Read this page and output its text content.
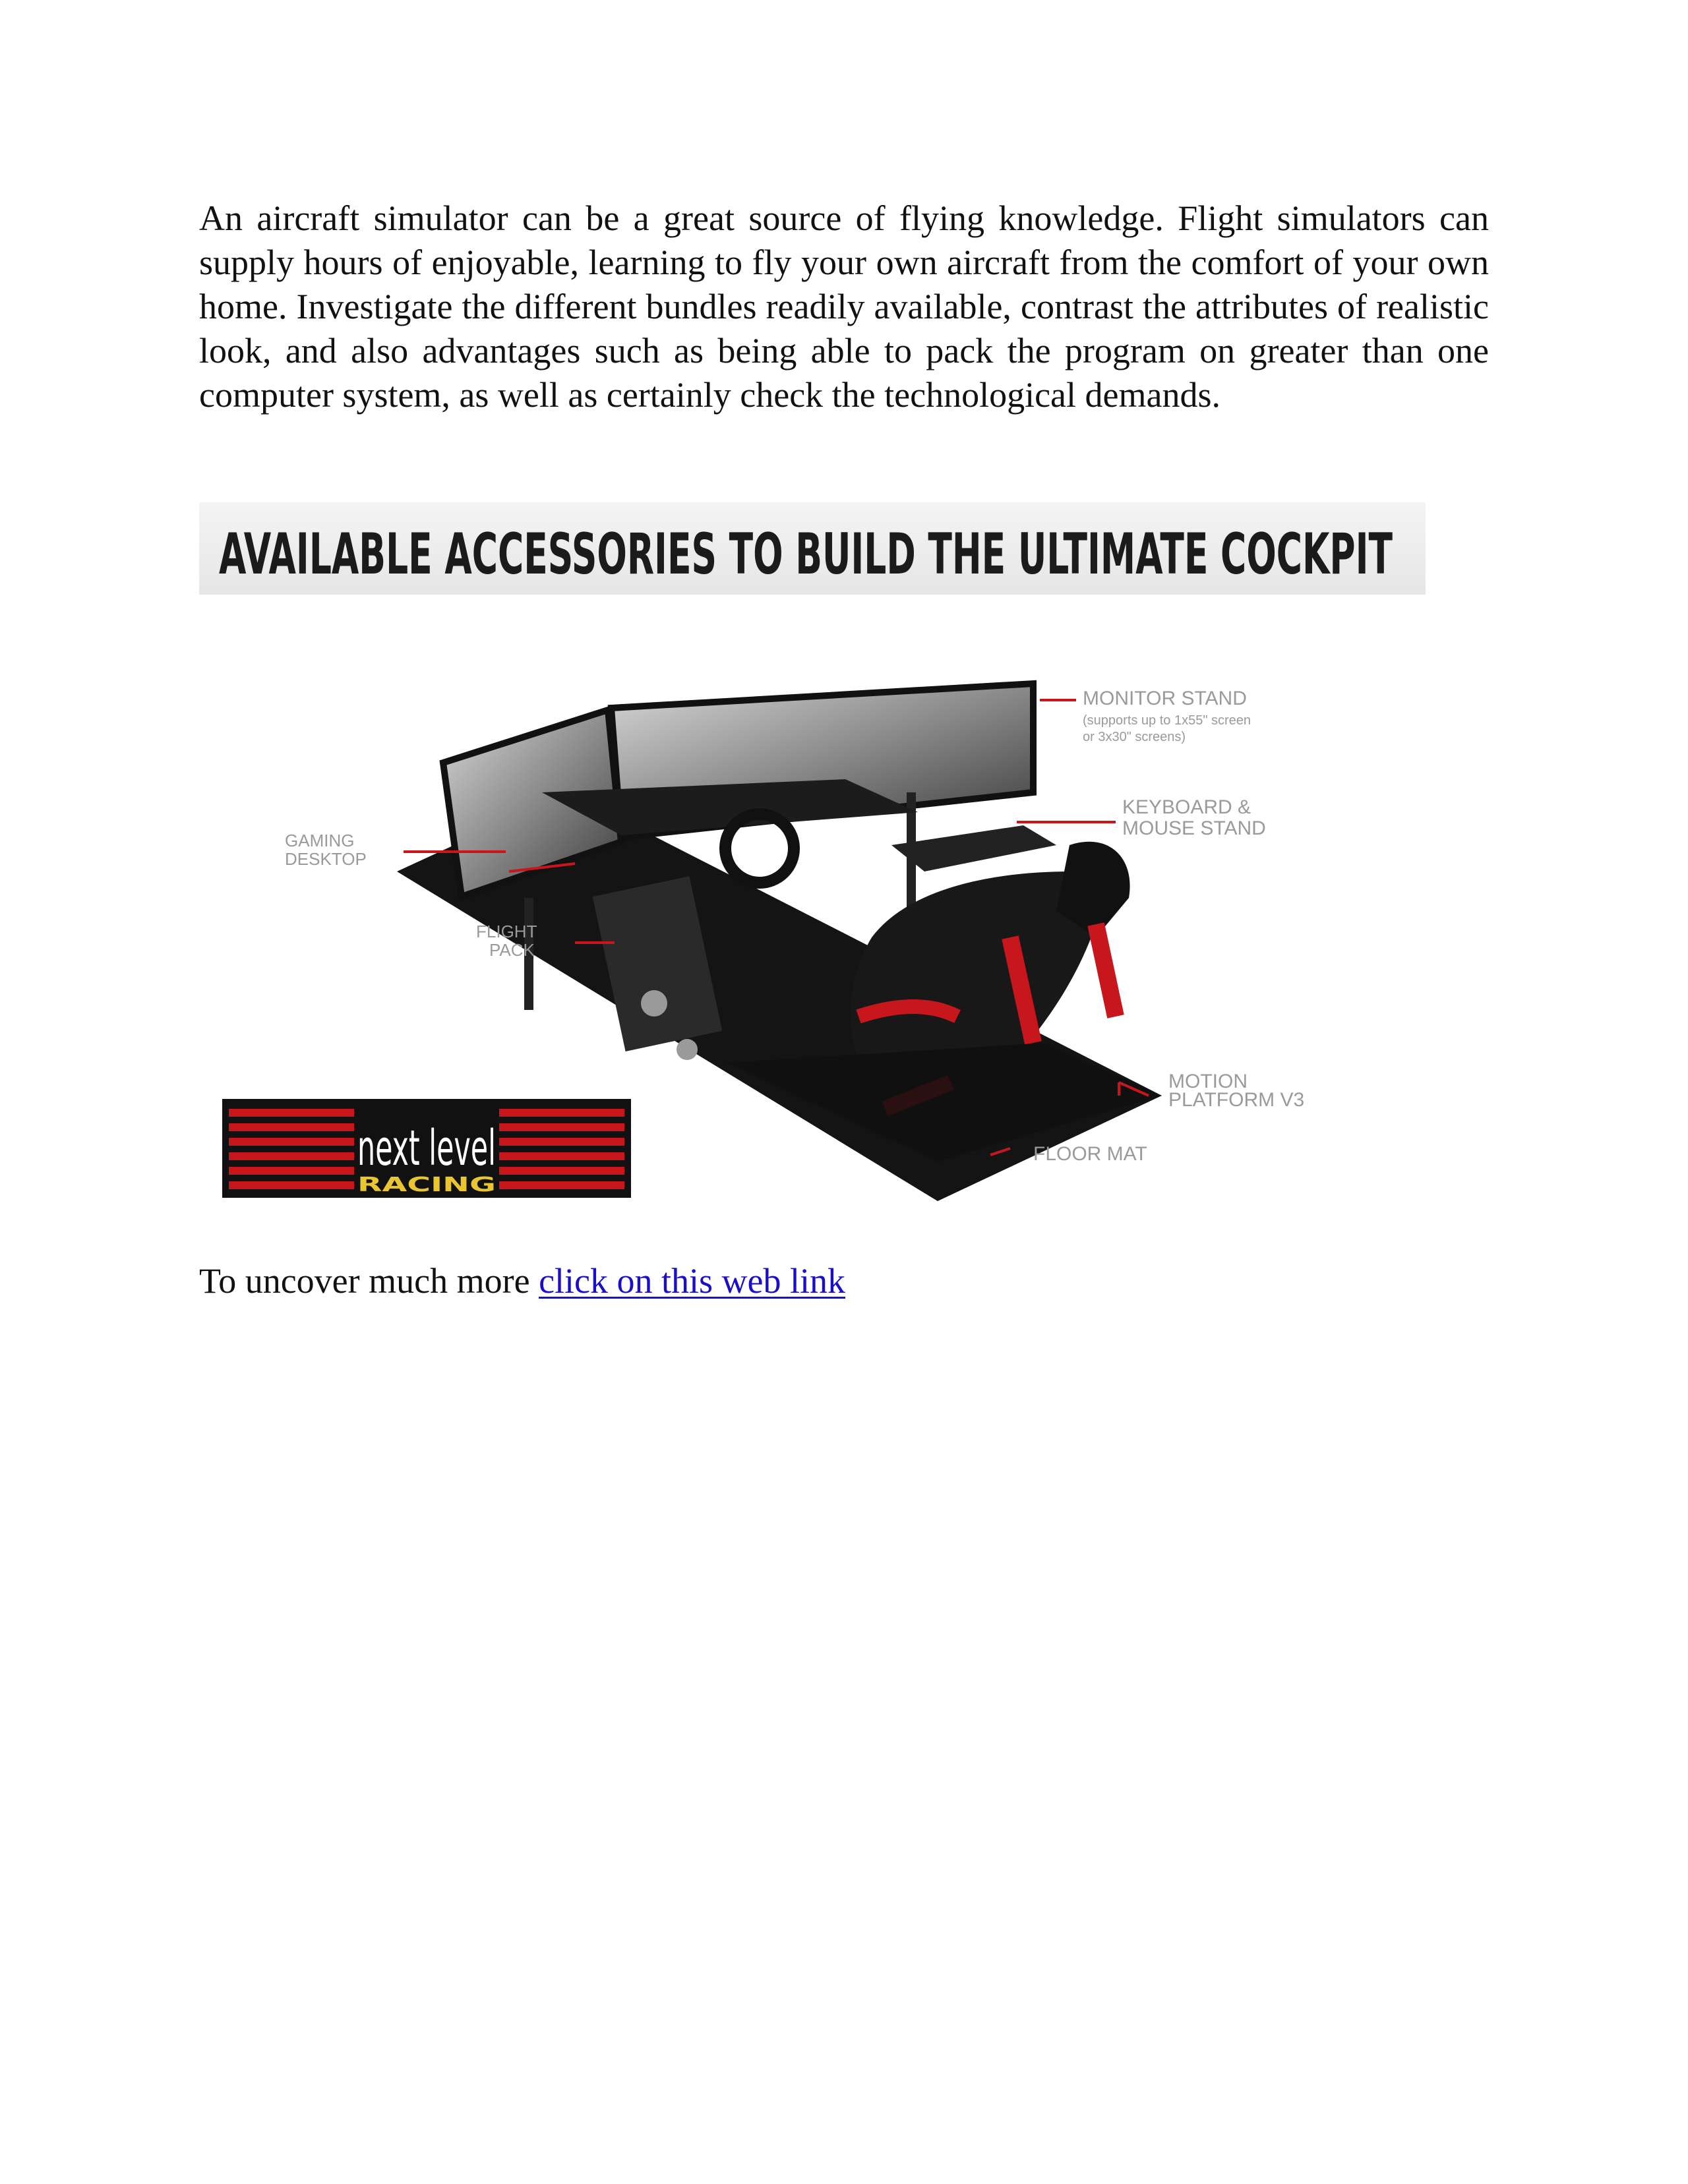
An aircraft simulator can be a great source of flying knowledge. Flight simulators can supply hours of enjoyable, learning to fly your own aircraft from the comfort of your own home. Investigate the different bundles readily available, contrast the attributes of realistic look, and also advantages such as being able to pack the program on greater than one computer system, as well as certainly check the technological demands.

AVAILABLE ACCESSORIES TO BUILD THE ULTIMATE COCKPIT
MONITOR STAND
(supports up to 1x55" screen
or 3x30" screens)
KEYBOARD &
MOUSE STAND
GAMING
DESKTOP
FLIGHT
PACK
MOTION
PLATFORM V3
FLOOR MAT
next level
RACING

To uncover much more click on this web link
